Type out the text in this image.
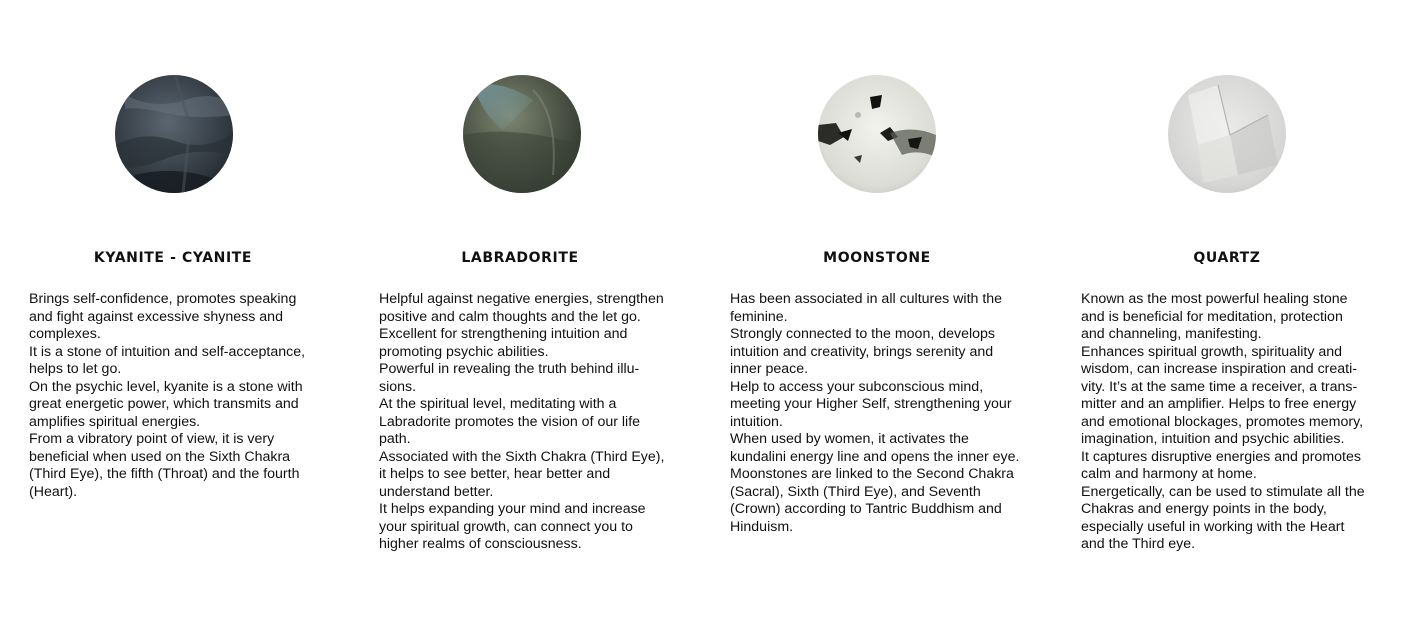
KYANITE - CYANITE
Brings self-confidence, promotes speaking
and fight against excessive shyness and
complexes.
It is a stone of intuition and self-acceptance,
helps to let go.
On the psychic level, kyanite is a stone with
great energetic power, which transmits and
amplifies spiritual energies.
From a vibratory point of view, it is very
beneficial when used on the Sixth Chakra
(Third Eye), the fifth (Throat) and the fourth
(Heart).
LABRADORITE
Helpful against negative energies, strengthen
positive and calm thoughts and the let go.
Excellent for strengthening intuition and
promoting psychic abilities.
Powerful in revealing the truth behind illu-
sions.
At the spiritual level, meditating with a
Labradorite promotes the vision of our life
path.
Associated with the Sixth Chakra (Third Eye),
it helps to see better, hear better and
understand better.
It helps expanding your mind and increase
your spiritual growth, can connect you to
higher realms of consciousness.
MOONSTONE
Has been associated in all cultures with the
feminine.
Strongly connected to the moon, develops
intuition and creativity, brings serenity and
inner peace.
Help to access your subconscious mind,
meeting your Higher Self, strengthening your
intuition.
When used by women, it activates the
kundalini energy line and opens the inner eye.
Moonstones are linked to the Second Chakra
(Sacral), Sixth (Third Eye), and Seventh
(Crown) according to Tantric Buddhism and
Hinduism.
QUARTZ
Known as the most powerful healing stone
and is beneficial for meditation, protection
and channeling, manifesting.
Enhances spiritual growth, spirituality and
wisdom, can increase inspiration and creati-
vity. It’s at the same time a receiver, a trans-
mitter and an amplifier. Helps to free energy
and emotional blockages, promotes memory,
imagination, intuition and psychic abilities.
It captures disruptive energies and promotes
calm and harmony at home.
Energetically, can be used to stimulate all the
Chakras and energy points in the body,
especially useful in working with the Heart
and the Third eye.
